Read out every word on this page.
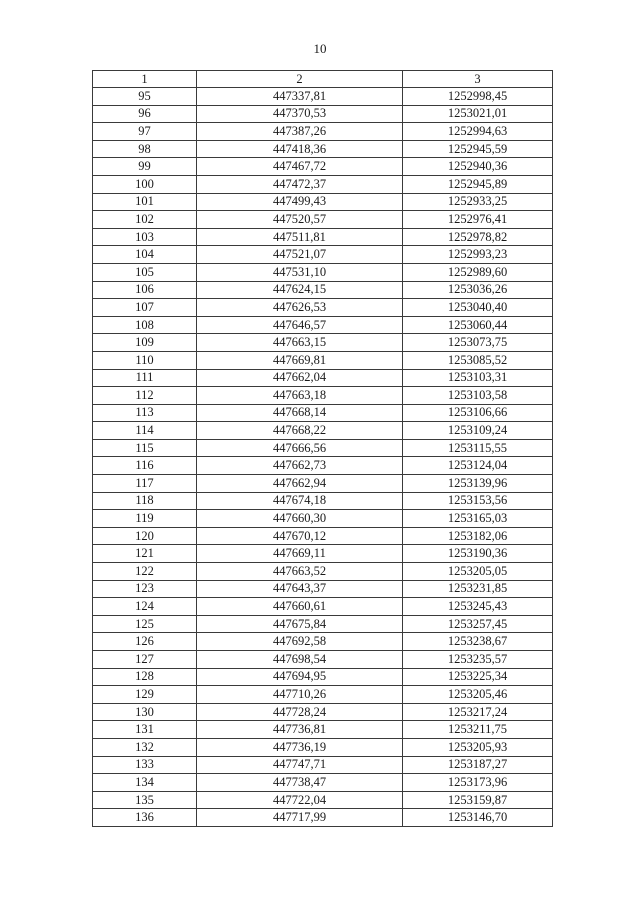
10
1	2	3
95	447337,81	1252998,45
96	447370,53	1253021,01
97	447387,26	1252994,63
98	447418,36	1252945,59
99	447467,72	1252940,36
100	447472,37	1252945,89
101	447499,43	1252933,25
102	447520,57	1252976,41
103	447511,81	1252978,82
104	447521,07	1252993,23
105	447531,10	1252989,60
106	447624,15	1253036,26
107	447626,53	1253040,40
108	447646,57	1253060,44
109	447663,15	1253073,75
110	447669,81	1253085,52
111	447662,04	1253103,31
112	447663,18	1253103,58
113	447668,14	1253106,66
114	447668,22	1253109,24
115	447666,56	1253115,55
116	447662,73	1253124,04
117	447662,94	1253139,96
118	447674,18	1253153,56
119	447660,30	1253165,03
120	447670,12	1253182,06
121	447669,11	1253190,36
122	447663,52	1253205,05
123	447643,37	1253231,85
124	447660,61	1253245,43
125	447675,84	1253257,45
126	447692,58	1253238,67
127	447698,54	1253235,57
128	447694,95	1253225,34
129	447710,26	1253205,46
130	447728,24	1253217,24
131	447736,81	1253211,75
132	447736,19	1253205,93
133	447747,71	1253187,27
134	447738,47	1253173,96
135	447722,04	1253159,87
136	447717,99	1253146,70
